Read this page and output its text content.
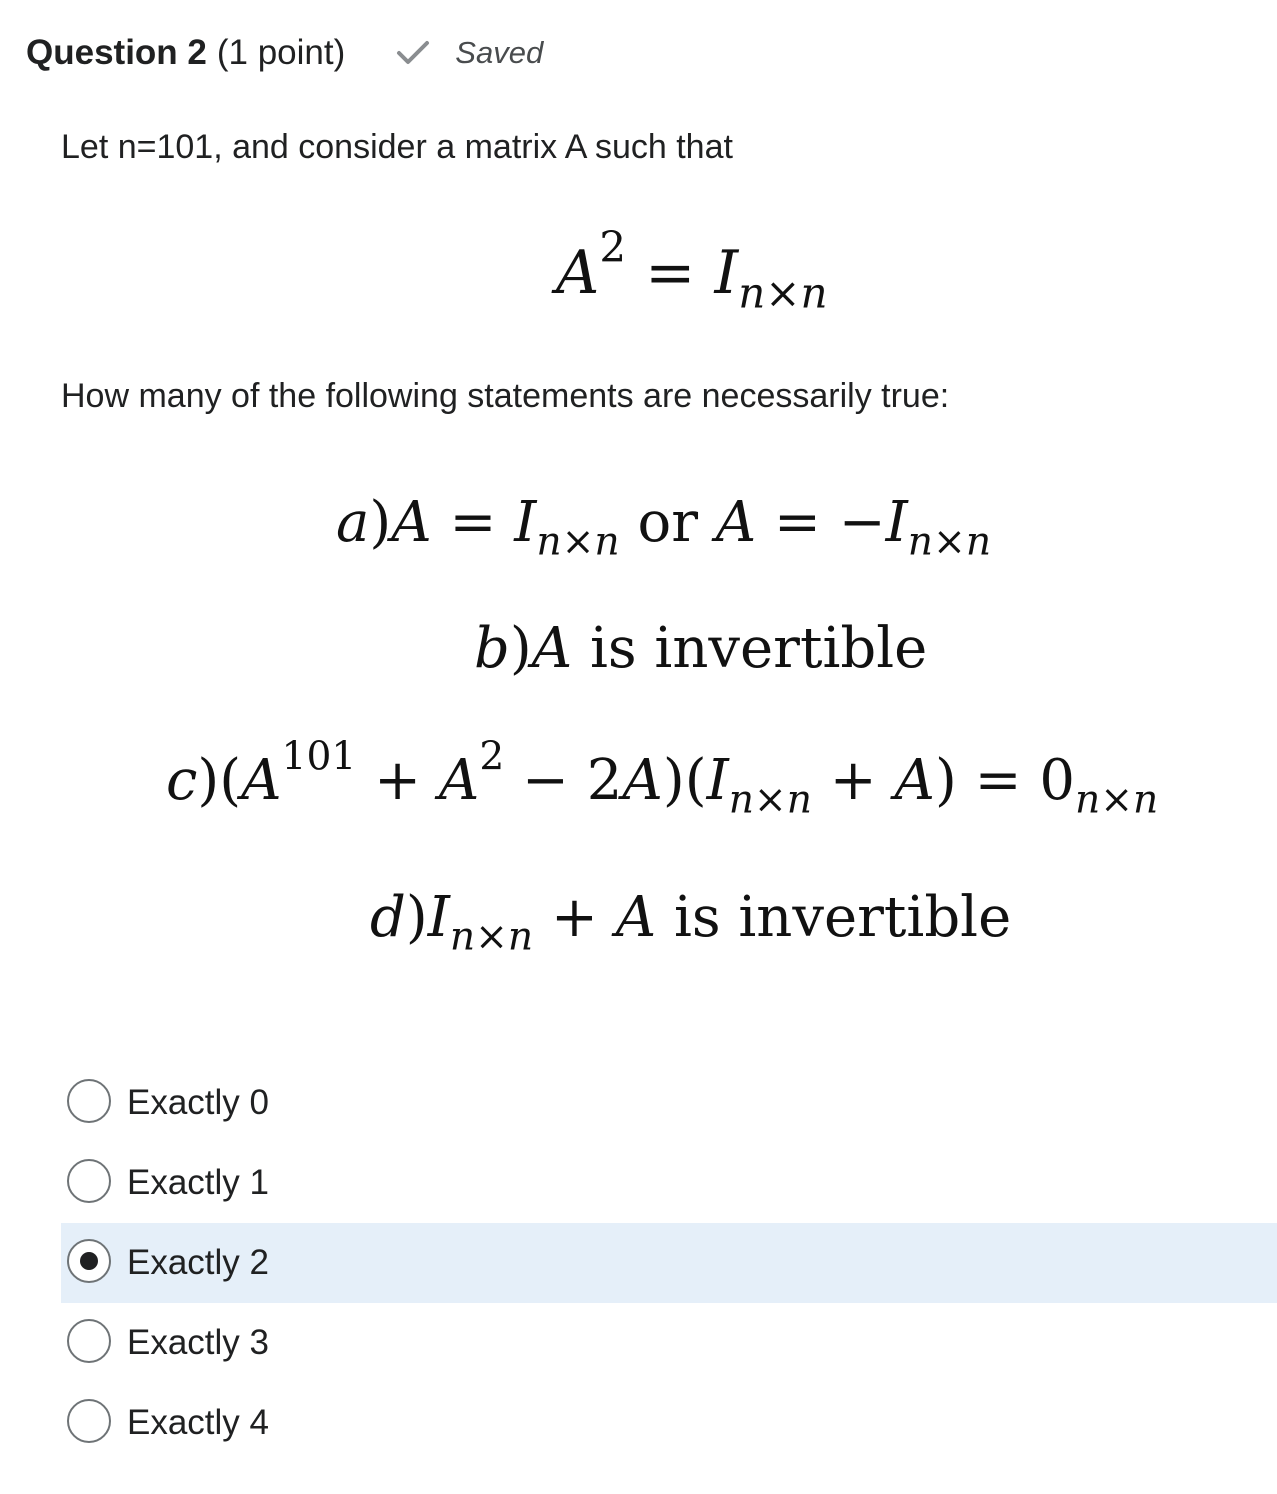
Question 2 (1 point)	Saved
Let n=101, and consider a matrix A such that
$A^2 = I_{n\times n}$
How many of the following statements are necessarily true:
$a)A = I_{n\times n}$ or $A = -I_{n\times n}$
b)A is invertible
$c)(A^{101} + A^2 - 2A)(I_{n\times n} + A) = 0_{n\times n}$
$d)I_{n\times n} + A$ is invertible
Exactly 0
Exactly 1
Exactly 2
Exactly 3
Exactly 4
